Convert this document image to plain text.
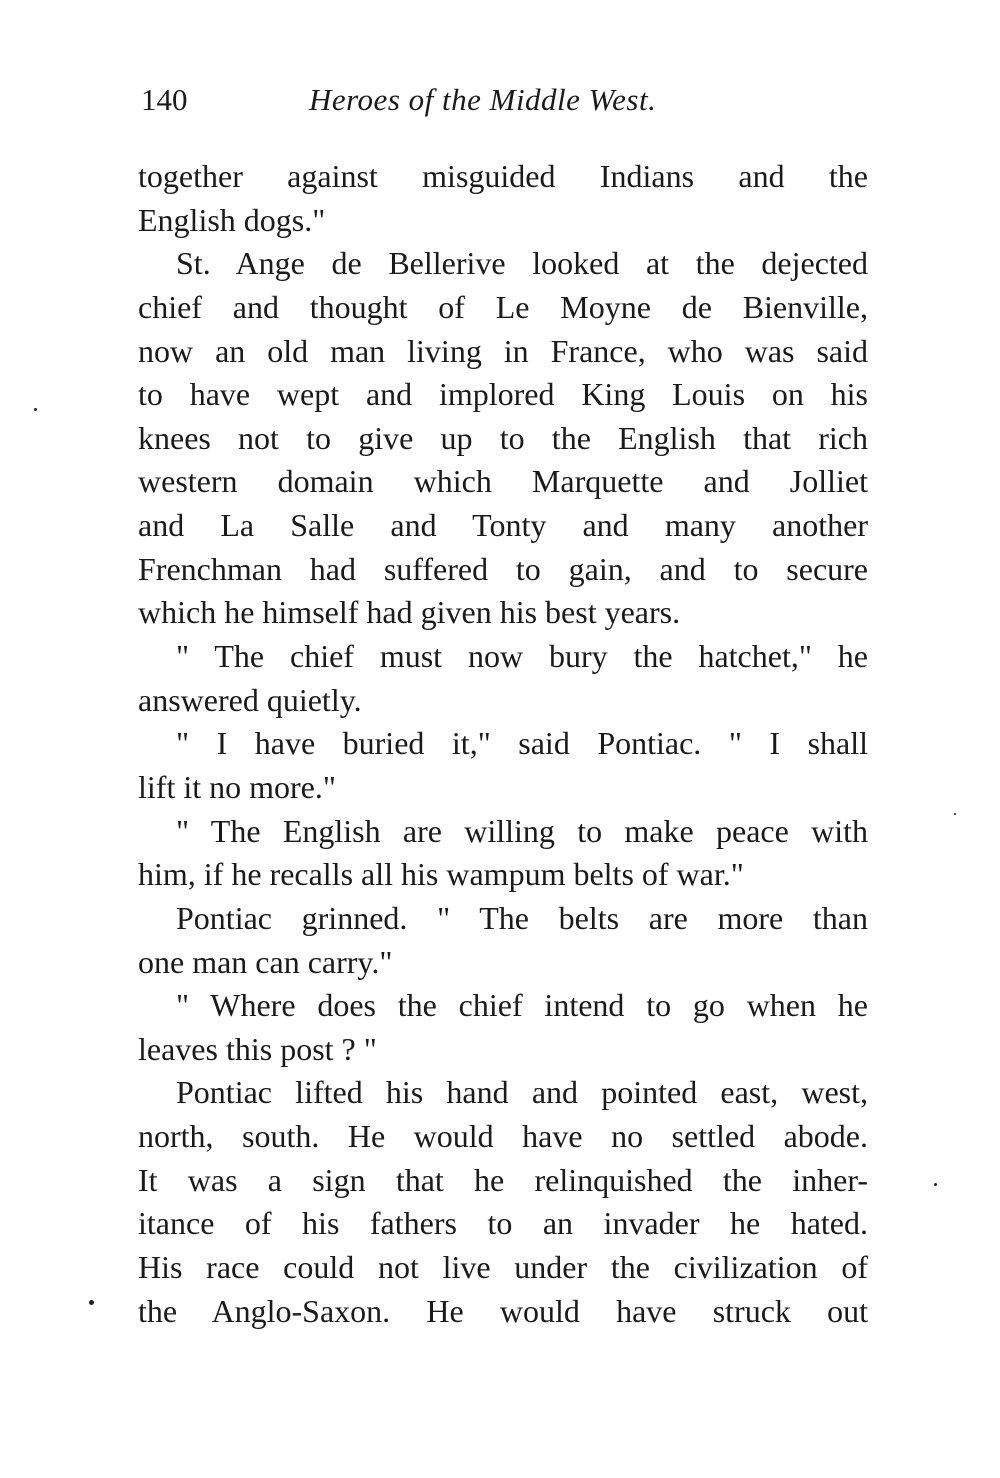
140	Heroes of the Middle West.
together against misguided Indians and the
English dogs."
St. Ange de Bellerive looked at the dejected
chief and thought of Le Moyne de Bienville,
now an old man living in France, who was said
to have wept and implored King Louis on his
knees not to give up to the English that rich
western domain which Marquette and Jolliet
and La Salle and Tonty and many another
Frenchman had suffered to gain, and to secure
which he himself had given his best years.
" The chief must now bury the hatchet," he
answered quietly.
" I have buried it," said Pontiac. " I shall
lift it no more."
" The English are willing to make peace with
him, if he recalls all his wampum belts of war."
Pontiac grinned. " The belts are more than
one man can carry."
" Where does the chief intend to go when he
leaves this post ? "
Pontiac lifted his hand and pointed east, west,
north, south. He would have no settled abode.
It was a sign that he relinquished the inher-
itance of his fathers to an invader he hated.
His race could not live under the civilization of
the Anglo-Saxon. He would have struck out
